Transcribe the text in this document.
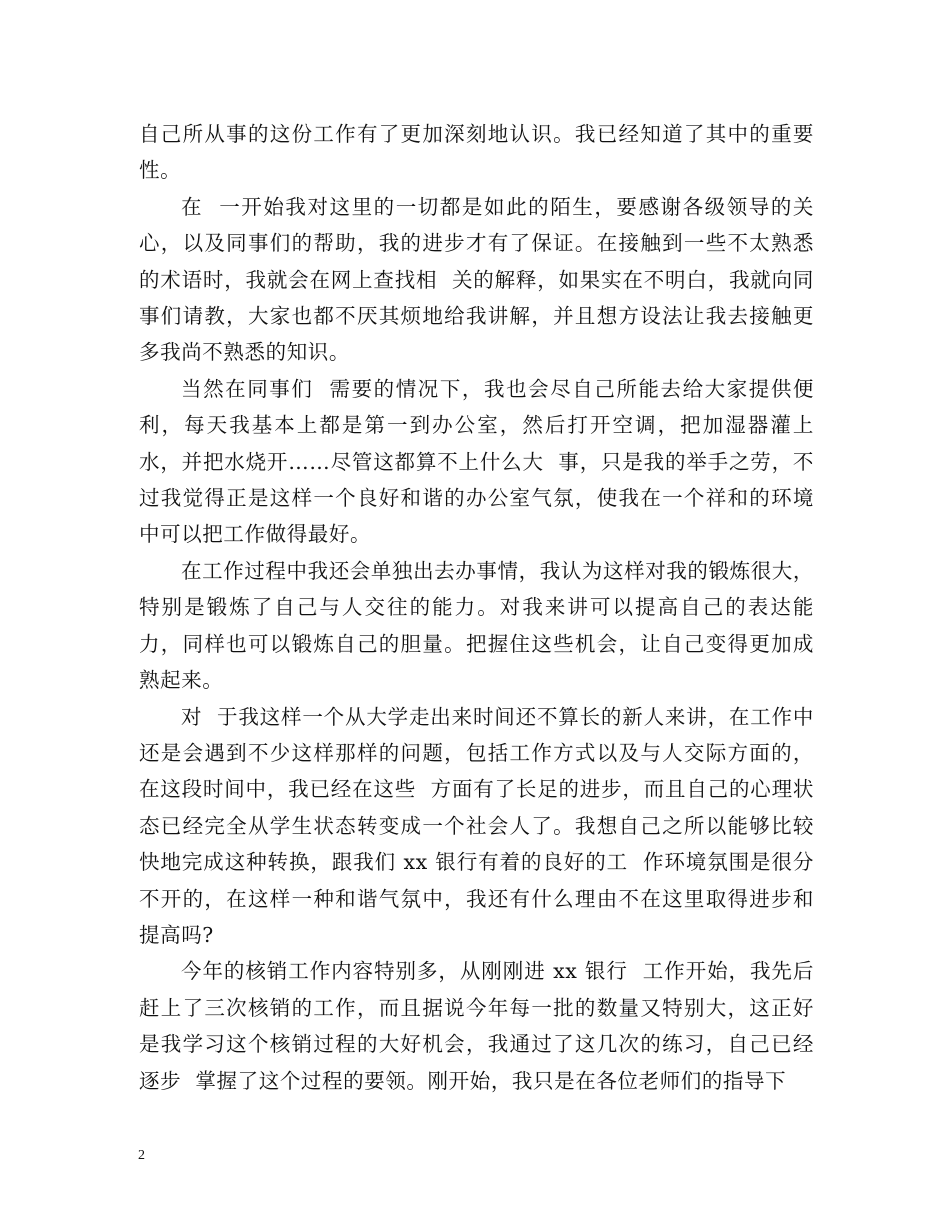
自己所从事的这份工作有了更加深刻地认识。我已经知道了其中的重要性。

在  一开始我对这里的一切都是如此的陌生，要感谢各级领导的关心，以及同事们的帮助，我的进步才有了保证。在接触到一些不太熟悉的术语时，我就会在网上查找相  关的解释，如果实在不明白，我就向同事们请教，大家也都不厌其烦地给我讲解，并且想方设法让我去接触更多我尚不熟悉的知识。

当然在同事们  需要的情况下，我也会尽自己所能去给大家提供便利，每天我基本上都是第一到办公室，然后打开空调，把加湿器灌上水，并把水烧开……尽管这都算不上什么大  事，只是我的举手之劳，不过我觉得正是这样一个良好和谐的办公室气氛，使我在一个祥和的环境中可以把工作做得最好。

在工作过程中我还会单独出去办事情，我认为这样对我的锻炼很大，特别是锻炼了自己与人交往的能力。对我来讲可以提高自己的表达能力，同样也可以锻炼自己的胆量。把握住这些机会，让自己变得更加成熟起来。

对  于我这样一个从大学走出来时间还不算长的新人来讲，在工作中还是会遇到不少这样那样的问题，包括工作方式以及与人交际方面的，在这段时间中，我已经在这些  方面有了长足的进步，而且自己的心理状态已经完全从学生状态转变成一个社会人了。我想自己之所以能够比较快地完成这种转换，跟我们 xx 银行有着的良好的工  作环境氛围是很分不开的，在这样一种和谐气氛中，我还有什么理由不在这里取得进步和提高吗?

今年的核销工作内容特别多，从刚刚进 xx 银行  工作开始，我先后赶上了三次核销的工作，而且据说今年每一批的数量又特别大，这正好是我学习这个核销过程的大好机会，我通过了这几次的练习，自己已经逐步  掌握了这个过程的要领。刚开始，我只是在各位老师们的指导下

2
